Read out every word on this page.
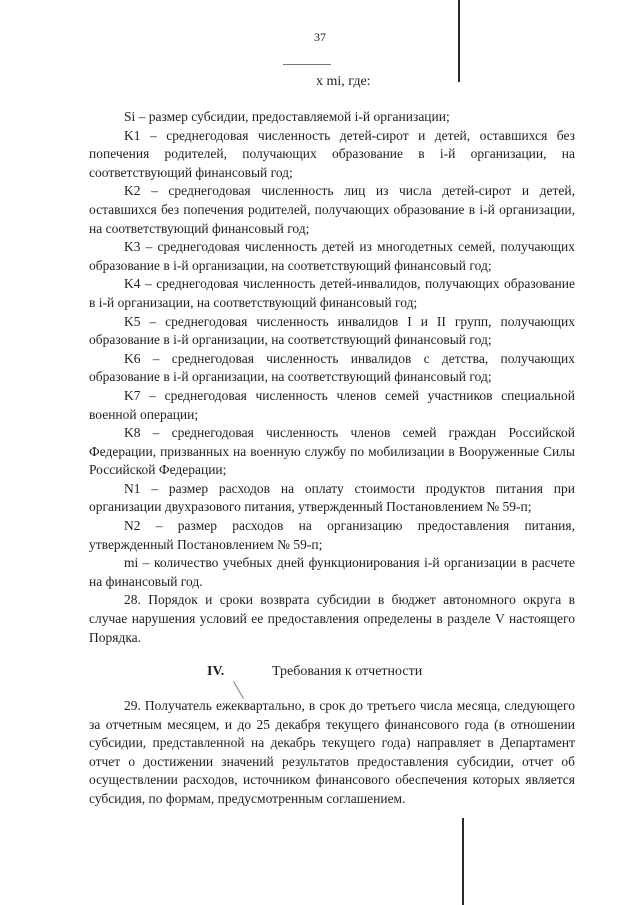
37
x mi, где:

Si – размер субсидии, предоставляемой i-й организации;

K1 – среднегодовая численность детей-сирот и детей, оставшихся без попечения родителей, получающих образование в i-й организации, на соответствующий финансовый год;

K2 – среднегодовая численность лиц из числа детей-сирот и детей, оставшихся без попечения родителей, получающих образование в i-й организации, на соответствующий финансовый год;

K3 – среднегодовая численность детей из многодетных семей, получающих образование в i-й организации, на соответствующий финансовый год;

K4 – среднегодовая численность детей-инвалидов, получающих образование в i-й организации, на соответствующий финансовый год;

K5 – среднегодовая численность инвалидов I и II групп, получающих образование в i-й организации, на соответствующий финансовый год;

K6 – среднегодовая численность инвалидов с детства, получающих образование в i-й организации, на соответствующий финансовый год;

K7 – среднегодовая численность членов семей участников специальной военной операции;

K8 – среднегодовая численность членов семей граждан Российской Федерации, призванных на военную службу по мобилизации в Вооруженные Силы Российской Федерации;

N1 – размер расходов на оплату стоимости продуктов питания при организации двухразового питания, утвержденный Постановлением № 59-п;

N2 – размер расходов на организацию предоставления питания, утвержденный Постановлением № 59-п;

mi – количество учебных дней функционирования i-й организации в расчете на финансовый год.

28. Порядок и сроки возврата субсидии в бюджет автономного округа в случае нарушения условий ее предоставления определены в разделе V настоящего Порядка.

IV.	Требования к отчетности

29. Получатель ежеквартально, в срок до третьего числа месяца, следующего за отчетным месяцем, и до 25 декабря текущего финансового года (в отношении субсидии, представленной на декабрь текущего года) направляет в Департамент отчет о достижении значений результатов предоставления субсидии, отчет об осуществлении расходов, источником финансового обеспечения которых является субсидия, по формам, предусмотренным соглашением.
